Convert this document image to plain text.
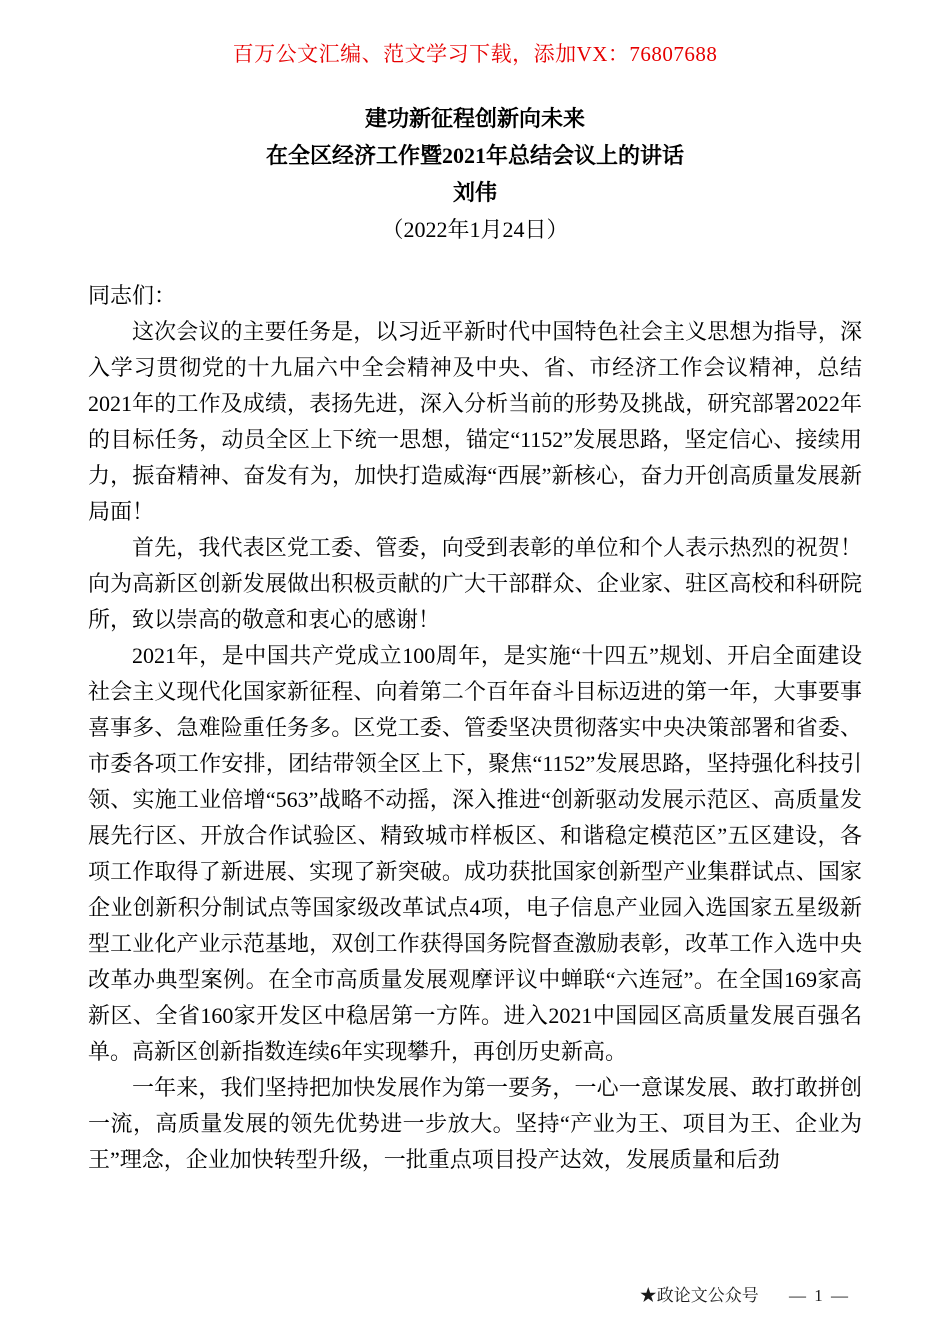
百万公文汇编、范文学习下载，添加VX：76807688
建功新征程创新向未来
在全区经济工作暨2021年总结会议上的讲话
刘伟
（2022年1月24日）

同志们：

这次会议的主要任务是，以习近平新时代中国特色社会主义思想为指导，深入学习贯彻党的十九届六中全会精神及中央、省、市经济工作会议精神，总结2021年的工作及成绩，表扬先进，深入分析当前的形势及挑战，研究部署2022年的目标任务，动员全区上下统一思想，锚定“1152”发展思路，坚定信心、接续用力，振奋精神、奋发有为，加快打造威海“西展”新核心，奋力开创高质量发展新局面！

首先，我代表区党工委、管委，向受到表彰的单位和个人表示热烈的祝贺！向为高新区创新发展做出积极贡献的广大干部群众、企业家、驻区高校和科研院所，致以崇高的敬意和衷心的感谢！

2021年，是中国共产党成立100周年，是实施“十四五”规划、开启全面建设社会主义现代化国家新征程、向着第二个百年奋斗目标迈进的第一年，大事要事喜事多、急难险重任务多。区党工委、管委坚决贯彻落实中央决策部署和省委、市委各项工作安排，团结带领全区上下，聚焦“1152”发展思路，坚持强化科技引领、实施工业倍增“563”战略不动摇，深入推进“创新驱动发展示范区、高质量发展先行区、开放合作试验区、精致城市样板区、和谐稳定模范区”五区建设，各项工作取得了新进展、实现了新突破。成功获批国家创新型产业集群试点、国家企业创新积分制试点等国家级改革试点4项，电子信息产业园入选国家五星级新型工业化产业示范基地，双创工作获得国务院督查激励表彰，改革工作入选中央改革办典型案例。在全市高质量发展观摩评议中蝉联“六连冠”。在全国169家高新区、全省160家开发区中稳居第一方阵。进入2021中国园区高质量发展百强名单。高新区创新指数连续6年实现攀升，再创历史新高。

一年来，我们坚持把加快发展作为第一要务，一心一意谋发展、敢打敢拼创一流，高质量发展的领先优势进一步放大。坚持“产业为王、项目为王、企业为王”理念，企业加快转型升级，一批重点项目投产达效，发展质量和后劲

★政论文公众号 — 1 —
